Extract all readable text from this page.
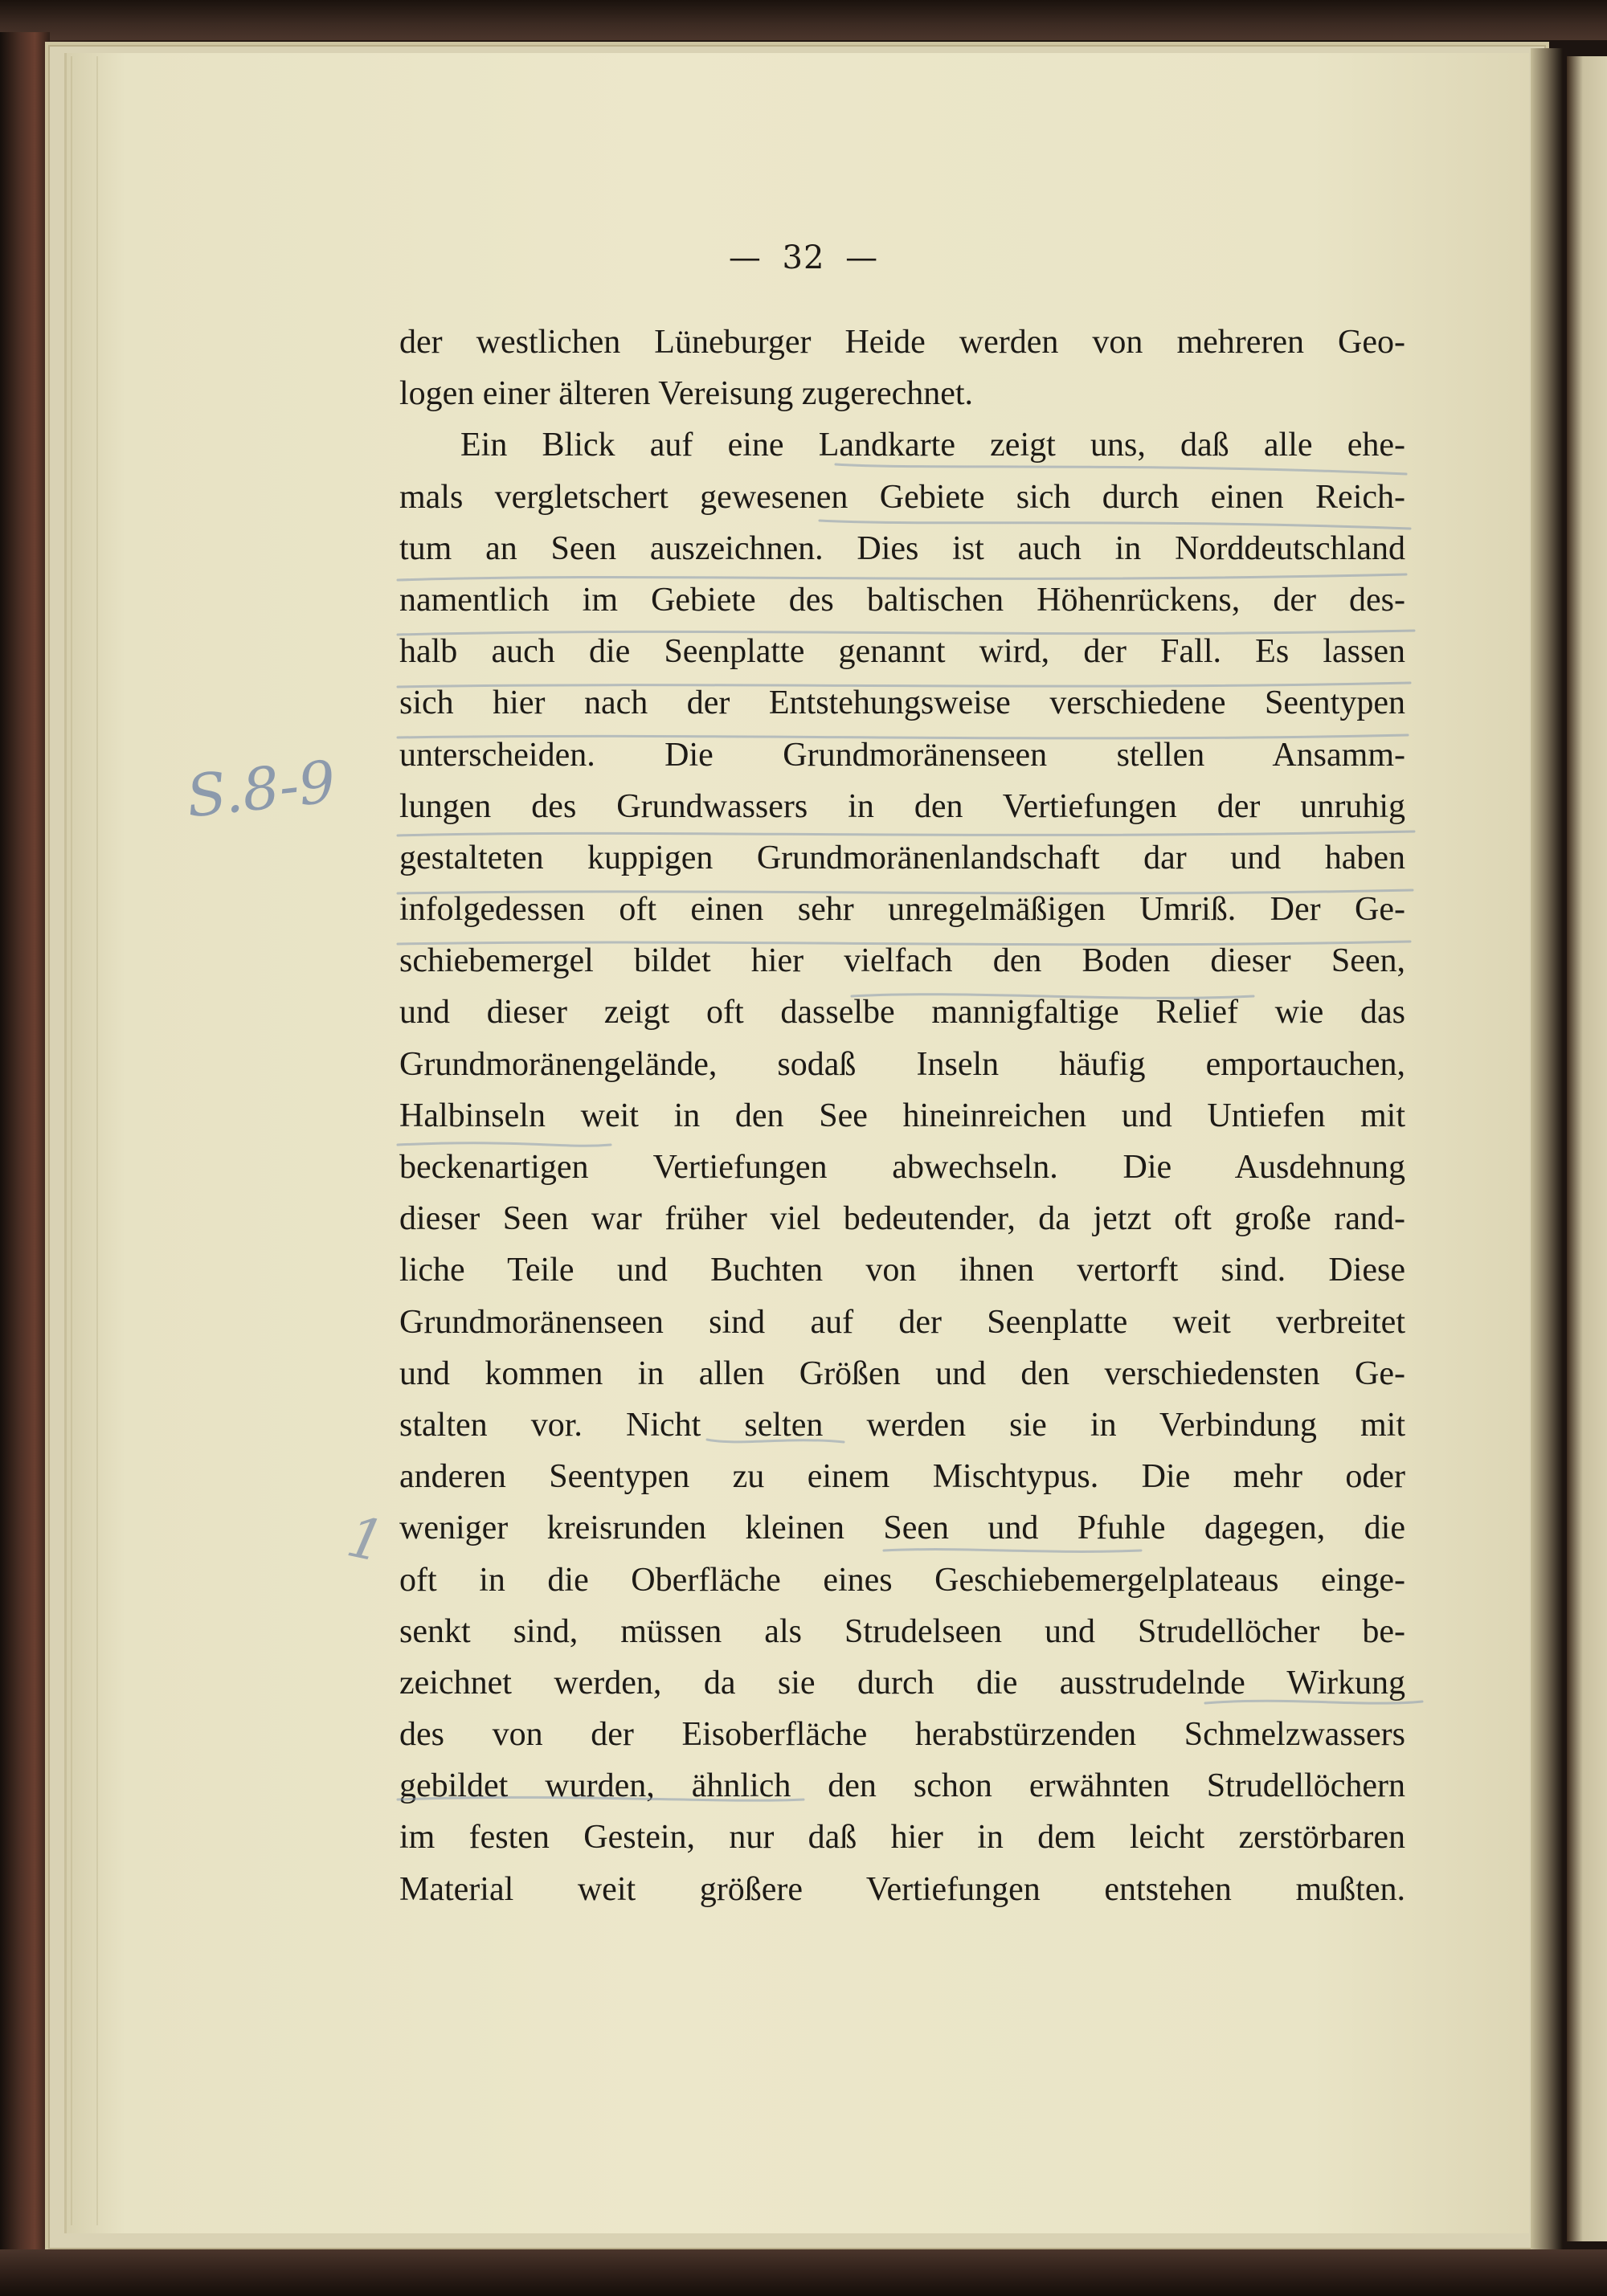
— 32 —
S.8-9
1
der westlichen Lüneburger Heide werden von mehreren Geo-
logen einer älteren Vereisung zugerechnet.
Ein Blick auf eine Landkarte zeigt uns, daß alle ehe-
mals vergletschert gewesenen Gebiete sich durch einen Reich-
tum an Seen auszeichnen. Dies ist auch in Norddeutschland
namentlich im Gebiete des baltischen Höhenrückens, der des-
halb auch die Seenplatte genannt wird, der Fall. Es lassen
sich hier nach der Entstehungsweise verschiedene Seentypen
unterscheiden. Die Grundmoränenseen stellen Ansamm-
lungen des Grundwassers in den Vertiefungen der unruhig
gestalteten kuppigen Grundmoränenlandschaft dar und haben
infolgedessen oft einen sehr unregelmäßigen Umriß. Der Ge-
schiebemergel bildet hier vielfach den Boden dieser Seen,
und dieser zeigt oft dasselbe mannigfaltige Relief wie das
Grundmoränengelände, sodaß Inseln häufig emportauchen,
Halbinseln weit in den See hineinreichen und Untiefen mit
beckenartigen Vertiefungen abwechseln. Die Ausdehnung
dieser Seen war früher viel bedeutender, da jetzt oft große rand-
liche Teile und Buchten von ihnen vertorft sind. Diese
Grundmoränenseen sind auf der Seenplatte weit verbreitet
und kommen in allen Größen und den verschiedensten Ge-
stalten vor. Nicht selten werden sie in Verbindung mit
anderen Seentypen zu einem Mischtypus. Die mehr oder
weniger kreisrunden kleinen Seen und Pfuhle dagegen, die
oft in die Oberfläche eines Geschiebemergelplateaus einge-
senkt sind, müssen als Strudelseen und Strudellöcher be-
zeichnet werden, da sie durch die ausstrudelnde Wirkung
des von der Eisoberfläche herabstürzenden Schmelzwassers
gebildet wurden, ähnlich den schon erwähnten Strudellöchern
im festen Gestein, nur daß hier in dem leicht zerstörbaren
Material weit größere Vertiefungen entstehen mußten.
